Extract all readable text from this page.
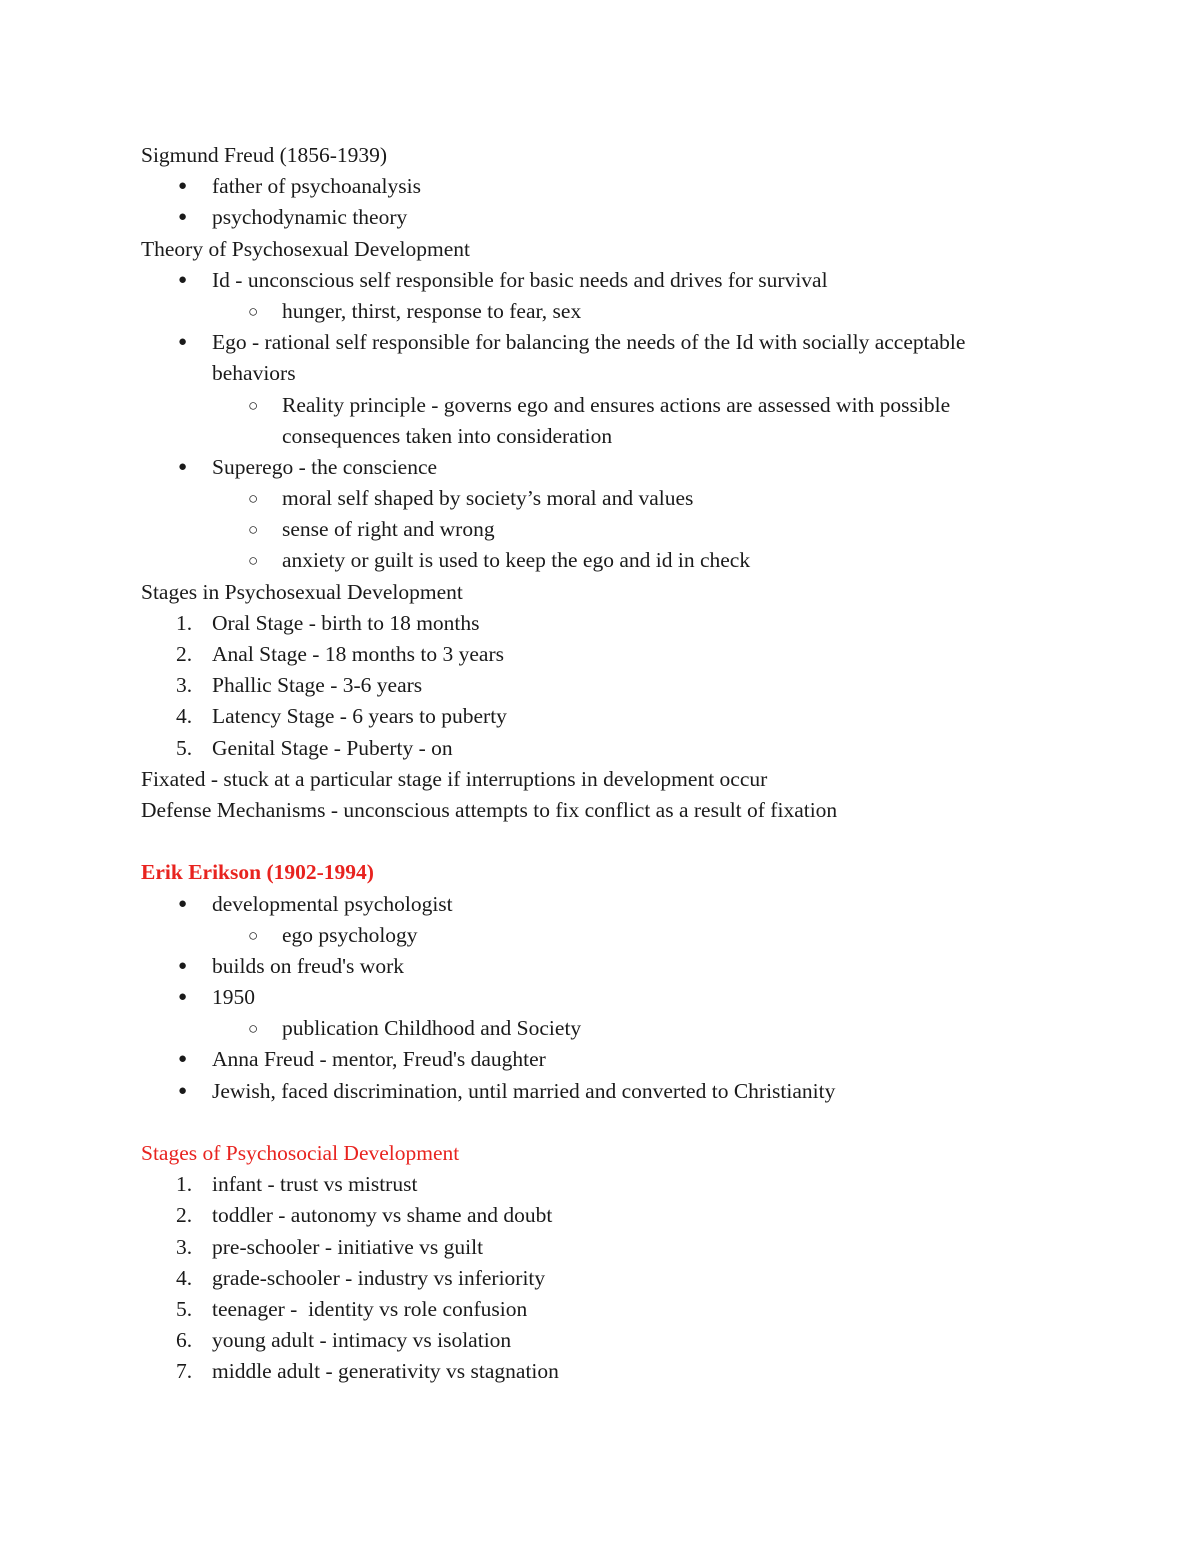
Sigmund Freud (1856-1939)
● father of psychoanalysis
● psychodynamic theory
Theory of Psychosexual Development
● Id - unconscious self responsible for basic needs and drives for survival
○ hunger, thirst, response to fear, sex
● Ego - rational self responsible for balancing the needs of the Id with socially acceptable
behaviors
○ Reality principle - governs ego and ensures actions are assessed with possible
consequences taken into consideration
● Superego - the conscience
○ moral self shaped by society’s moral and values
○ sense of right and wrong
○ anxiety or guilt is used to keep the ego and id in check
Stages in Psychosexual Development
1. Oral Stage - birth to 18 months
2. Anal Stage - 18 months to 3 years
3. Phallic Stage - 3-6 years
4. Latency Stage - 6 years to puberty
5. Genital Stage - Puberty - on
Fixated - stuck at a particular stage if interruptions in development occur
Defense Mechanisms - unconscious attempts to fix conflict as a result of fixation
Erik Erikson (1902-1994)
● developmental psychologist
○ ego psychology
● builds on freud's work
● 1950
○ publication Childhood and Society
● Anna Freud - mentor, Freud's daughter
● Jewish, faced discrimination, until married and converted to Christianity
Stages of Psychosocial Development
1. infant - trust vs mistrust
2. toddler - autonomy vs shame and doubt
3. pre-schooler - initiative vs guilt
4. grade-schooler - industry vs inferiority
5. teenager -  identity vs role confusion
6. young adult - intimacy vs isolation
7. middle adult - generativity vs stagnation
